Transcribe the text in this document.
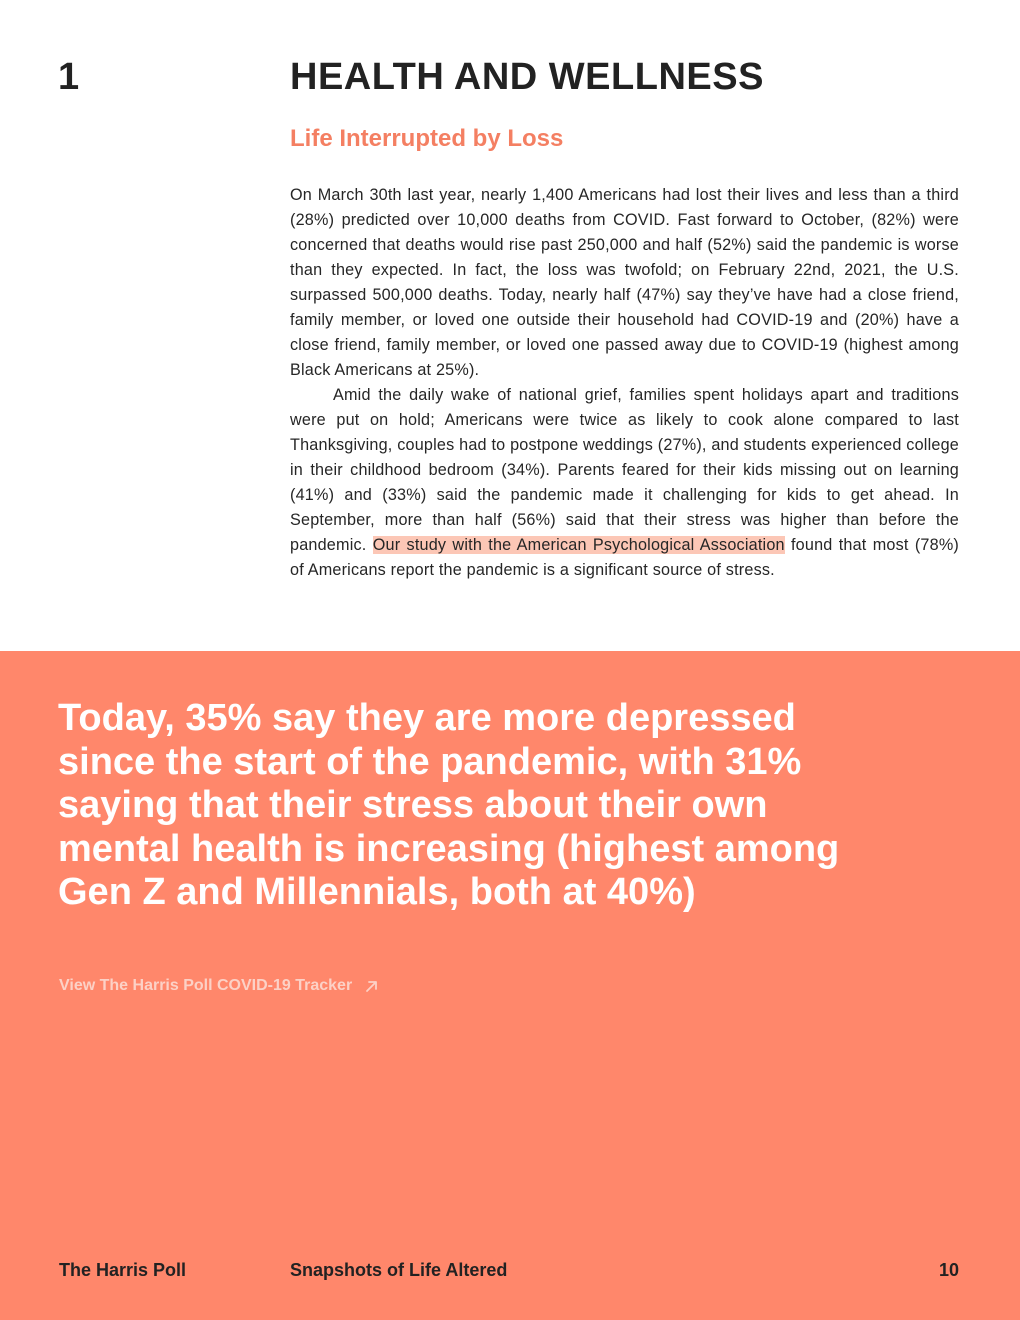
1	HEALTH AND WELLNESS
Life Interrupted by Loss

On March 30th last year, nearly 1,400 Americans had lost their lives and less than a third (28%) predicted over 10,000 deaths from COVID. Fast forward to October, (82%) were concerned that deaths would rise past 250,000 and half (52%) said the pandemic is worse than they expected. In fact, the loss was twofold; on February 22nd, 2021, the U.S. surpassed 500,000 deaths. Today, nearly half (47%) say they’ve have had a close friend, family member, or loved one outside their household had COVID-19 and (20%) have a close friend, family member, or loved one passed away due to COVID-19 (highest among Black Americans at 25%).

Amid the daily wake of national grief, families spent holidays apart and traditions were put on hold; Americans were twice as likely to cook alone compared to last Thanksgiving, couples had to postpone weddings (27%), and students experienced college in their childhood bedroom (34%). Parents feared for their kids missing out on learning (41%) and (33%) said the pandemic made it challenging for kids to get ahead. In September, more than half (56%) said that their stress was higher than before the pandemic. Our study with the American Psychological Association found that most (78%) of Americans report the pandemic is a significant source of stress.

Today, 35% say they are more depressed since the start of the pandemic, with 31% saying that their stress about their own mental health is increasing (highest among Gen Z and Millennials, both at 40%)

View The Harris Poll COVID-19 Tracker
The Harris Poll	Snapshots of Life Altered	10
